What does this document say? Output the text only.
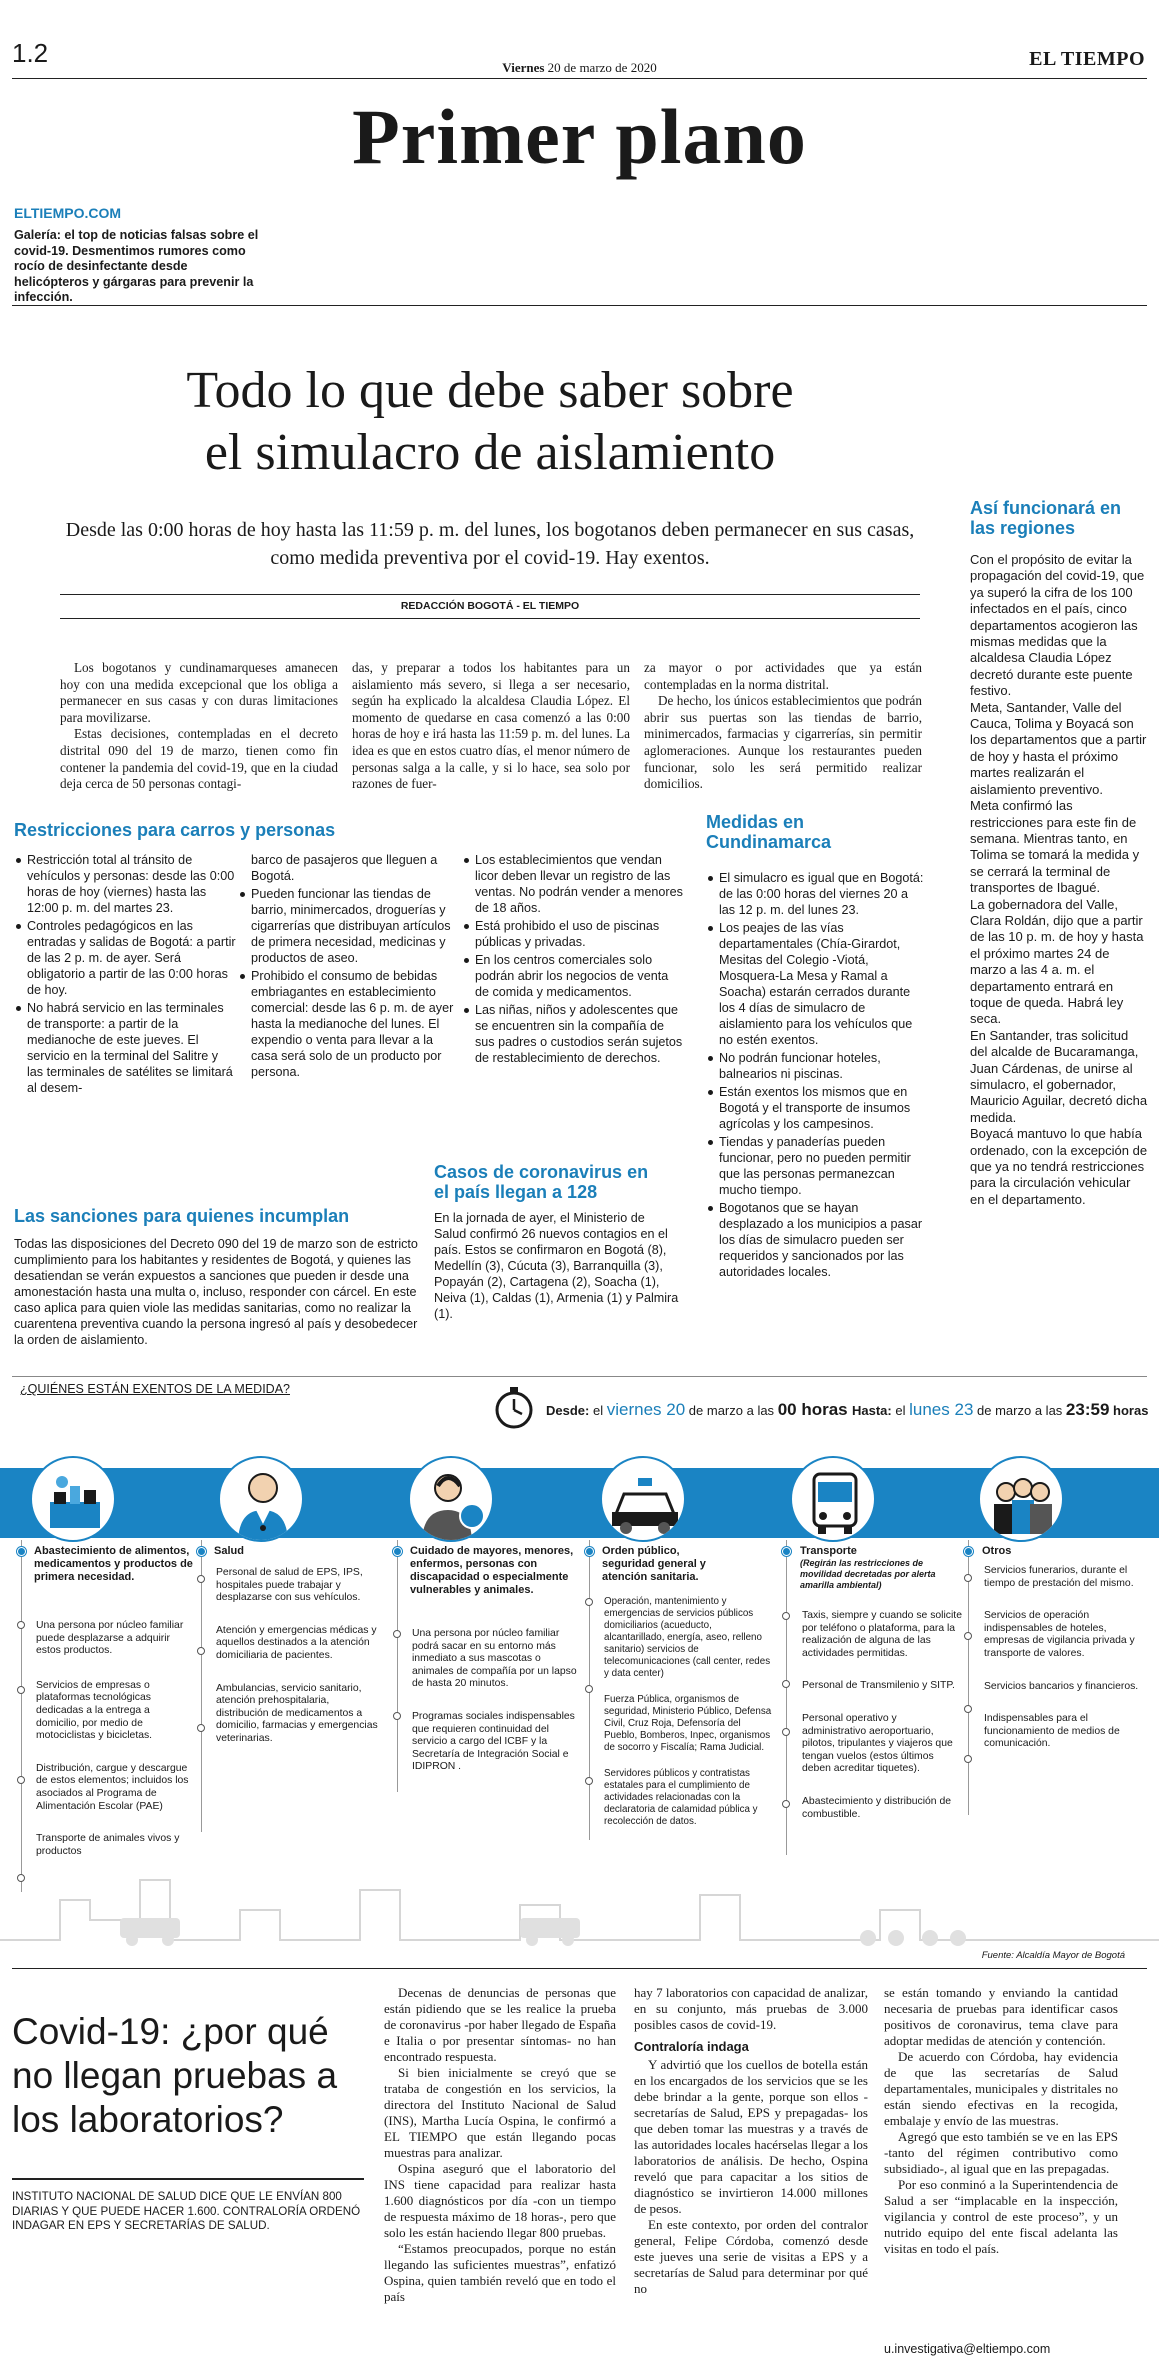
1.2	Viernes 20 de marzo de 2020	EL TIEMPO
Primer plano
ELTIEMPO.COM
Galería: el top de noticias falsas sobre el covid-19. Desmentimos rumores como rocío de desinfectante desde helicópteros y gárgaras para prevenir la infección.
Todo lo que debe saber sobre
el simulacro de aislamiento
Desde las 0:00 horas de hoy hasta las 11:59 p. m. del lunes, los bogotanos deben permanecer en sus casas, como medida preventiva por el covid-19. Hay exentos.
REDACCIÓN BOGOTÁ - EL TIEMPO

Los bogotanos y cundinamarqueses amanecen hoy con una medida excepcional que los obliga a permanecer en sus casas y con duras limitaciones para movilizarse.

Estas decisiones, contempladas en el decreto distrital 090 del 19 de marzo, tienen como fin contener la pandemia del covid-19, que en la ciudad deja cerca de 50 personas contagi-

das, y preparar a todos los habitantes para un aislamiento más severo, si llega a ser necesario, según ha explicado la alcaldesa Claudia López. El momento de quedarse en casa comenzó a las 0:00 horas de hoy e irá hasta las 11:59 p. m. del lunes. La idea es que en estos cuatro días, el menor número de personas salga a la calle, y si lo hace, sea solo por razones de fuer-

za mayor o por actividades que ya están contempladas en la norma distrital.

De hecho, los únicos establecimientos que podrán abrir sus puertas son las tiendas de barrio, minimercados, farmacias y cigarrerías, sin permitir aglomeraciones. Aunque los restaurantes pueden funcionar, solo les será permitido realizar domicilios.

Restricciones para carros y personas
Restricción total al tránsito de vehículos y personas: desde las 0:00 horas de hoy (viernes) hasta las 12:00 p. m. del martes 23.
Controles pedagógicos en las entradas y salidas de Bogotá: a partir de las 2 p. m. de ayer. Será obligatorio a partir de las 0:00 horas de hoy.
No habrá servicio en las terminales de transporte: a partir de la medianoche de este jueves. El servicio en la terminal del Salitre y las terminales de satélites se limitará al desem-
barco de pasajeros que lleguen a Bogotá.
Pueden funcionar las tiendas de barrio, minimercados, droguerías y cigarrerías que distribuyan artículos de primera necesidad, medicinas y productos de aseo.
Prohibido el consumo de bebidas embriagantes en establecimiento comercial: desde las 6 p. m. de ayer hasta la medianoche del lunes. El expendio o venta para llevar a la casa será solo de un producto por persona.
Los establecimientos que vendan licor deben llevar un registro de las ventas. No podrán vender a menores de 18 años.
Está prohibido el uso de piscinas públicas y privadas.
En los centros comerciales solo podrán abrir los negocios de venta de comida y medicamentos.
Las niñas, niños y adolescentes que se encuentren sin la compañía de sus padres o custodios serán sujetos de restablecimiento de derechos.
Medidas en Cundinamarca
El simulacro es igual que en Bogotá: de las 0:00 horas del viernes 20 a las 12 p. m. del lunes 23.
Los peajes de las vías departamentales (Chía-Girardot, Mesitas del Colegio -Viotá, Mosquera-La Mesa y Ramal a Soacha) estarán cerrados durante los 4 días de simulacro de aislamiento para los vehículos que no estén exentos.
No podrán funcionar hoteles, balnearios ni piscinas.
Están exentos los mismos que en Bogotá y el transporte de insumos agrícolas y los campesinos.
Tiendas y panaderías pueden funcionar, pero no pueden permitir que las personas permanezcan mucho tiempo.
Bogotanos que se hayan desplazado a los municipios a pasar los días de simulacro pueden ser requeridos y sancionados por las autoridades locales.
Así funcionará en las regiones

Con el propósito de evitar la propagación del covid-19, que ya superó la cifra de los 100 infectados en el país, cinco departamentos acogieron las mismas medidas que la alcaldesa Claudia López decretó durante este puente festivo.

Meta, Santander, Valle del Cauca, Tolima y Boyacá son los departamentos que a partir de hoy y hasta el próximo martes realizarán el aislamiento preventivo.

Meta confirmó las restricciones para este fin de semana. Mientras tanto, en Tolima se tomará la medida y se cerrará la terminal de transportes de Ibagué.

La gobernadora del Valle, Clara Roldán, dijo que a partir de las 10 p. m. de hoy y hasta el próximo martes 24 de marzo a las 4 a. m. el departamento entrará en toque de queda. Habrá ley seca.

En Santander, tras solicitud del alcalde de Bucaramanga, Juan Cárdenas, de unirse al simulacro, el gobernador, Mauricio Aguilar, decretó dicha medida.

Boyacá mantuvo lo que había ordenado, con la excepción de que ya no tendrá restricciones para la circulación vehicular en el departamento.

Las sanciones para quienes incumplan
Todas las disposiciones del Decreto 090 del 19 de marzo son de estricto cumplimiento para los habitantes y residentes de Bogotá, y quienes las desatiendan se verán expuestos a sanciones que pueden ir desde una amonestación hasta una multa o, incluso, responder con cárcel. En este caso aplica para quien viole las medidas sanitarias, como no realizar la cuarentena preventiva cuando la persona ingresó al país y desobedecer la orden de aislamiento.
Casos de coronavirus en el país llegan a 128
En la jornada de ayer, el Ministerio de Salud confirmó 26 nuevos contagios en el país. Estos se confirmaron en Bogotá (8), Medellín (3), Cúcuta (3), Barranquilla (3), Popayán (2), Cartagena (2), Soacha (1), Neiva (1), Caldas (1), Armenia (1) y Palmira (1).
¿QUIÉNES ESTÁN EXENTOS DE LA MEDIDA?
Desde: el viernes 20 de marzo a las 00 horas Hasta: el lunes 23 de marzo a las 23:59 horas
Abastecimiento de alimentos, medicamentos y productos de primera necesidad.
Una persona por núcleo familiar puede desplazarse a adquirir estos productos.
Servicios de empresas o plataformas tecnológicas dedicadas a la entrega a domicilio, por medio de motociclistas y bicicletas.
Distribución, cargue y descargue de estos elementos; incluidos los asociados al Programa de Alimentación Escolar (PAE)
Transporte de animales vivos y productos
Salud
Personal de salud de EPS, IPS, hospitales puede trabajar y desplazarse con sus vehículos.
Atención y emergencias médicas y aquellos destinados a la atención domiciliaria de pacientes.
Ambulancias, servicio sanitario, atención prehospitalaria, distribución de medicamentos a domicilio, farmacias y emergencias veterinarias.
Cuidado de mayores, menores, enfermos, personas con discapacidad o especialmente vulnerables y animales.
Una persona por núcleo familiar podrá sacar en su entorno más inmediato a sus mascotas o animales de compañía por un lapso de hasta 20 minutos.
Programas sociales indispensables que requieren continuidad del servicio a cargo del ICBF y la Secretaría de Integración Social e IDIPRON .
Orden público, seguridad general y atención sanitaria.
Operación, mantenimiento y emergencias de servicios públicos domiciliarios (acueducto, alcantarillado, energía, aseo, relleno sanitario) servicios de telecomunicaciones (call center, redes y data center)
Fuerza Pública, organismos de seguridad, Ministerio Público, Defensa Civil, Cruz Roja, Defensoría del Pueblo, Bomberos, Inpec, organismos de socorro y Fiscalía; Rama Judicial.
Servidores públicos y contratistas estatales para el cumplimiento de actividades relacionadas con la declaratoria de calamidad pública y recolección de datos.
Transporte
(Regirán las restricciones de movilidad decretadas por alerta amarilla ambiental)
Taxis, siempre y cuando se solicite por teléfono o plataforma, para la realización de alguna de las actividades permitidas.
Personal de Transmilenio y SITP.
Personal operativo y administrativo aeroportuario, pilotos, tripulantes y viajeros que tengan vuelos (estos últimos deben acreditar tiquetes).
Abastecimiento y distribución de combustible.
Otros
Servicios funerarios, durante el tiempo de prestación del mismo.
Servicios de operación indispensables de hoteles, empresas de vigilancia privada y transporte de valores.
Servicios bancarios y financieros.
Indispensables para el funcionamiento de medios de comunicación.
Fuente: Alcaldía Mayor de Bogotá
Covid-19: ¿por qué no llegan pruebas a los laboratorios?
INSTITUTO NACIONAL DE SALUD DICE QUE LE ENVÍAN 800 DIARIAS Y QUE PUEDE HACER 1.600. CONTRALORÍA ORDENÓ INDAGAR EN EPS Y SECRETARÍAS DE SALUD.

Decenas de denuncias de personas que están pidiendo que se les realice la prueba de coronavirus -por haber llegado de España e Italia o por presentar síntomas- no han encontrado respuesta.

Si bien inicialmente se creyó que se trataba de congestión en los servicios, la directora del Instituto Nacional de Salud (INS), Martha Lucía Ospina, le confirmó a EL TIEMPO que están llegando pocas muestras para analizar.

Ospina aseguró que el laboratorio del INS tiene capacidad para realizar hasta 1.600 diagnósticos por día -con un tiempo de respuesta máximo de 18 horas-, pero que solo les están haciendo llegar 800 pruebas.

“Estamos preocupados, porque no están llegando las suficientes muestras”, enfatizó Ospina, quien también reveló que en todo el país

hay 7 laboratorios con capacidad de analizar, en su conjunto, más pruebas de 3.000 posibles casos de covid-19.

Contraloría indaga

Y advirtió que los cuellos de botella están en los encargados de los servicios que se les debe brindar a la gente, porque son ellos -secretarías de Salud, EPS y prepagadas- los que deben tomar las muestras y a través de las autoridades locales hacérselas llegar a los laboratorios de análisis. De hecho, Ospina reveló que para capacitar a los sitios de diagnóstico se invirtieron 14.000 millones de pesos.

En este contexto, por orden del contralor general, Felipe Córdoba, comenzó desde este jueves una serie de visitas a EPS y a secretarías de Salud para determinar por qué no

se están tomando y enviando la cantidad necesaria de pruebas para identificar casos positivos de coronavirus, tema clave para adoptar medidas de atención y contención.

De acuerdo con Córdoba, hay evidencia de que las secretarías de Salud departamentales, municipales y distritales no están siendo efectivas en la recogida, embalaje y envío de las muestras.

Agregó que esto también se ve en las EPS -tanto del régimen contributivo como subsidiado-, al igual que en las prepagadas.

Por eso conminó a la Superintendencia de Salud a ser “implacable en la inspección, vigilancia y control de este proceso”, y un nutrido equipo del ente fiscal adelanta las visitas en todo el país.

u.investigativa@eltiempo.com
